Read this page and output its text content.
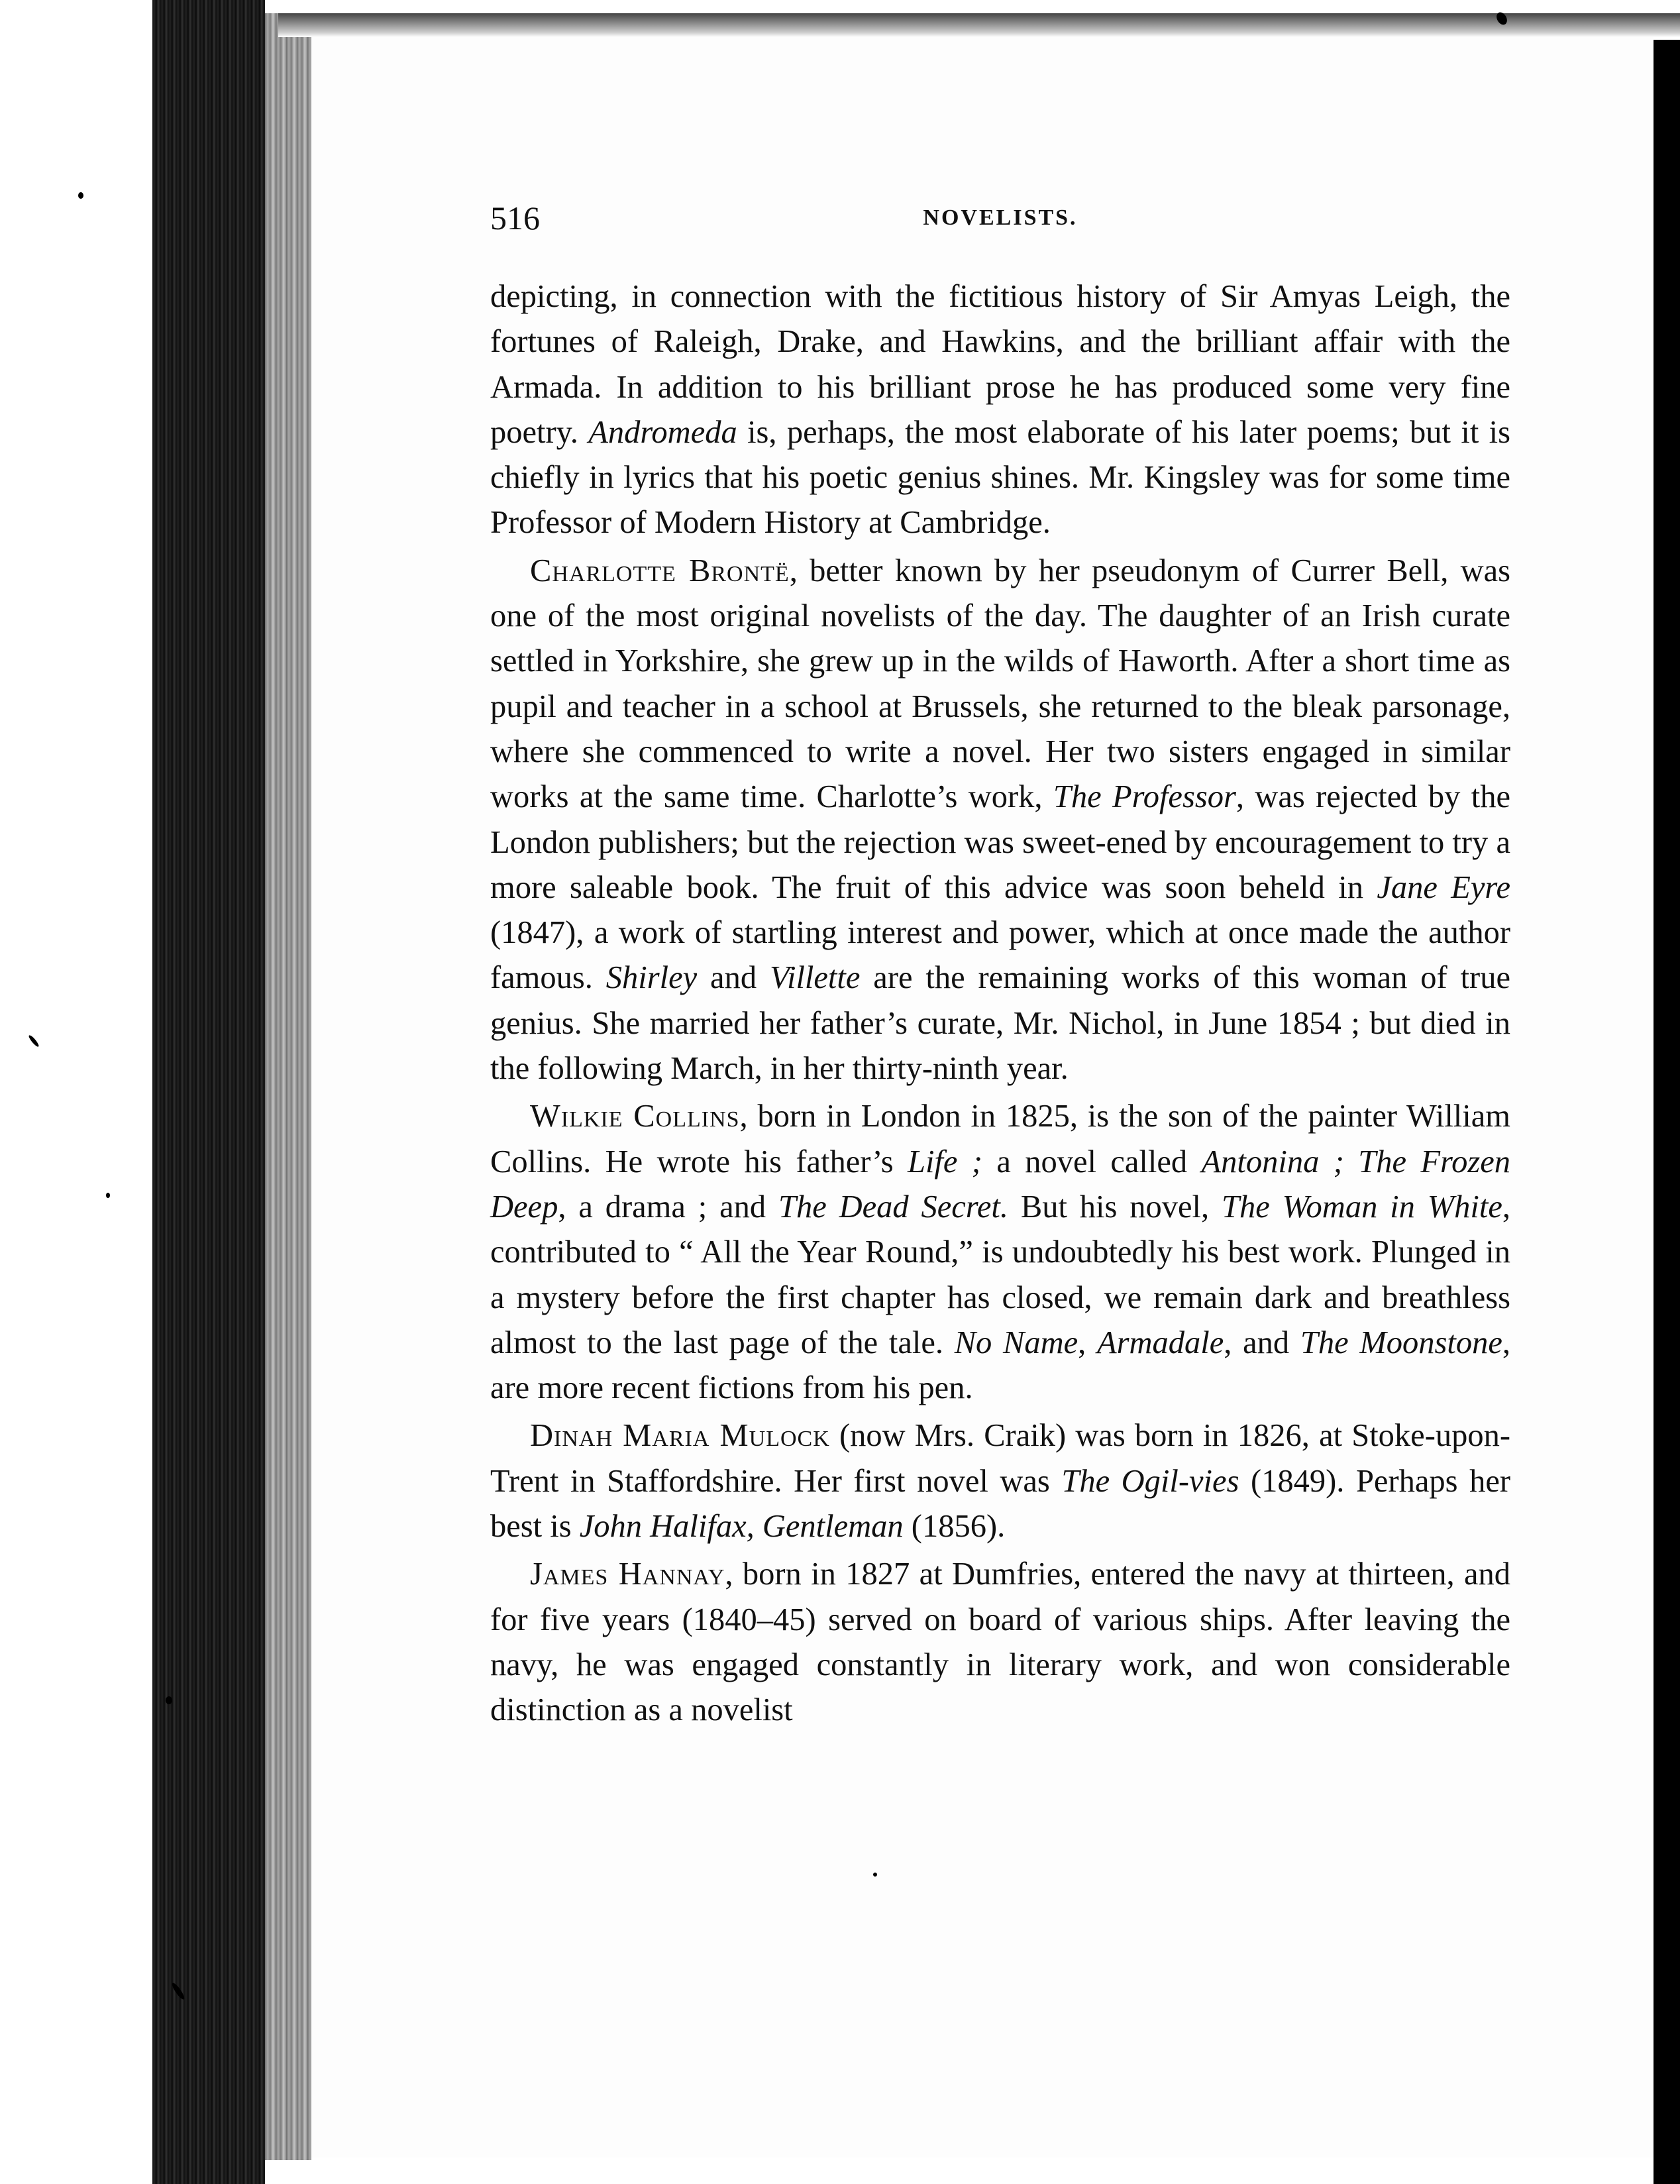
516	NOVELISTS.

depicting, in connection with the fictitious history of Sir Amyas Leigh, the fortunes of Raleigh, Drake, and Hawkins, and the brilliant affair with the Armada. In addition to his brilliant prose he has produced some very fine poetry. Andromeda is, perhaps, the most elaborate of his later poems; but it is chiefly in lyrics that his poetic genius shines. Mr. Kingsley was for some time Professor of Modern History at Cambridge.

Charlotte Brontë, better known by her pseudonym of Currer Bell, was one of the most original novelists of the day. The daughter of an Irish curate settled in Yorkshire, she grew up in the wilds of Haworth. After a short time as pupil and teacher in a school at Brussels, she returned to the bleak parsonage, where she commenced to write a novel. Her two sisters engaged in similar works at the same time. Charlotte’s work, The Professor, was rejected by the London publishers; but the rejection was sweet-ened by encouragement to try a more saleable book. The fruit of this advice was soon beheld in Jane Eyre (1847), a work of startling interest and power, which at once made the author famous. Shirley and Villette are the remaining works of this woman of true genius. She married her father’s curate, Mr. Nichol, in June 1854 ; but died in the following March, in her thirty-ninth year.

Wilkie Collins, born in London in 1825, is the son of the painter William Collins. He wrote his father’s Life ; a novel called Antonina ; The Frozen Deep, a drama ; and The Dead Secret. But his novel, The Woman in White, contributed to “ All the Year Round,” is undoubtedly his best work. Plunged in a mystery before the first chapter has closed, we remain dark and breathless almost to the last page of the tale. No Name, Armadale, and The Moonstone, are more recent fictions from his pen.

Dinah Maria Mulock (now Mrs. Craik) was born in 1826, at Stoke-upon-Trent in Staffordshire. Her first novel was The Ogil-vies (1849). Perhaps her best is John Halifax, Gentleman (1856).

James Hannay, born in 1827 at Dumfries, entered the navy at thirteen, and for five years (1840–45) served on board of various ships. After leaving the navy, he was engaged constantly in literary work, and won considerable distinction as a novelist
